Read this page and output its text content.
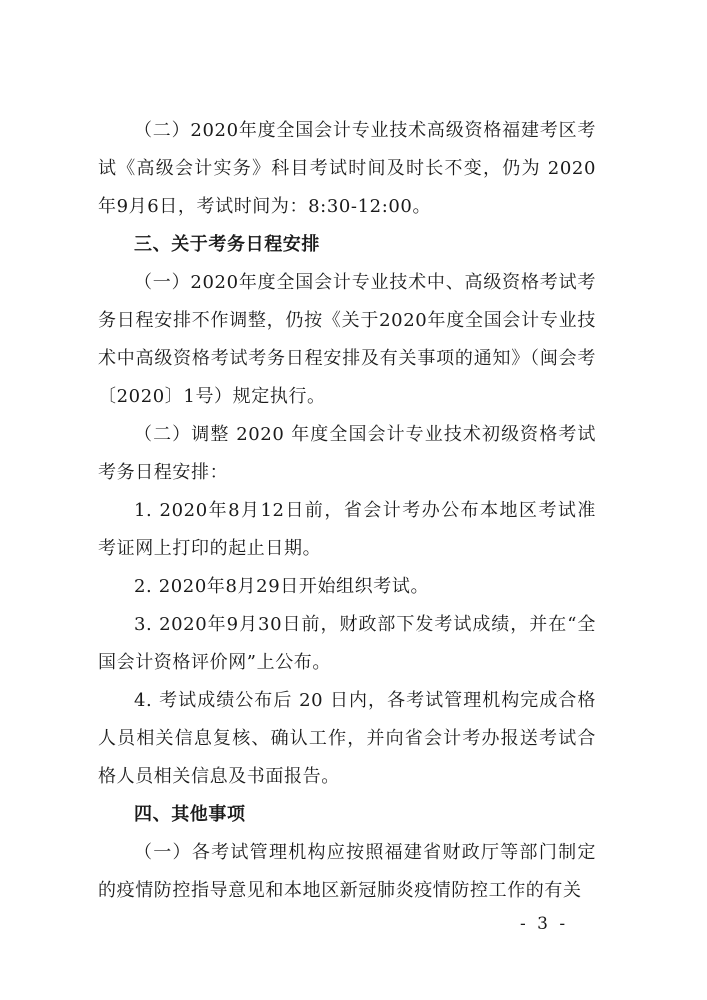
（二）2020年度全国会计专业技术高级资格福建考区考试《高级会计实务》科目考试时间及时长不变，仍为 2020年9月6日，考试时间为：8:30-12:00。

三、关于考务日程安排

（一）2020年度全国会计专业技术中、高级资格考试考务日程安排不作调整，仍按《关于2020年度全国会计专业技术中高级资格考试考务日程安排及有关事项的通知》（闽会考〔2020〕1号）规定执行。

（二）调整 2020 年度全国会计专业技术初级资格考试考务日程安排：

1. 2020年8月12日前，省会计考办公布本地区考试准考证网上打印的起止日期。

2. 2020年8月29日开始组织考试。

3. 2020年9月30日前，财政部下发考试成绩，并在“全国会计资格评价网”上公布。

4. 考试成绩公布后 20 日内，各考试管理机构完成合格人员相关信息复核、确认工作，并向省会计考办报送考试合格人员相关信息及书面报告。

四、其他事项

（一）各考试管理机构应按照福建省财政厅等部门制定的疫情防控指导意见和本地区新冠肺炎疫情防控工作的有关

- 3 -
